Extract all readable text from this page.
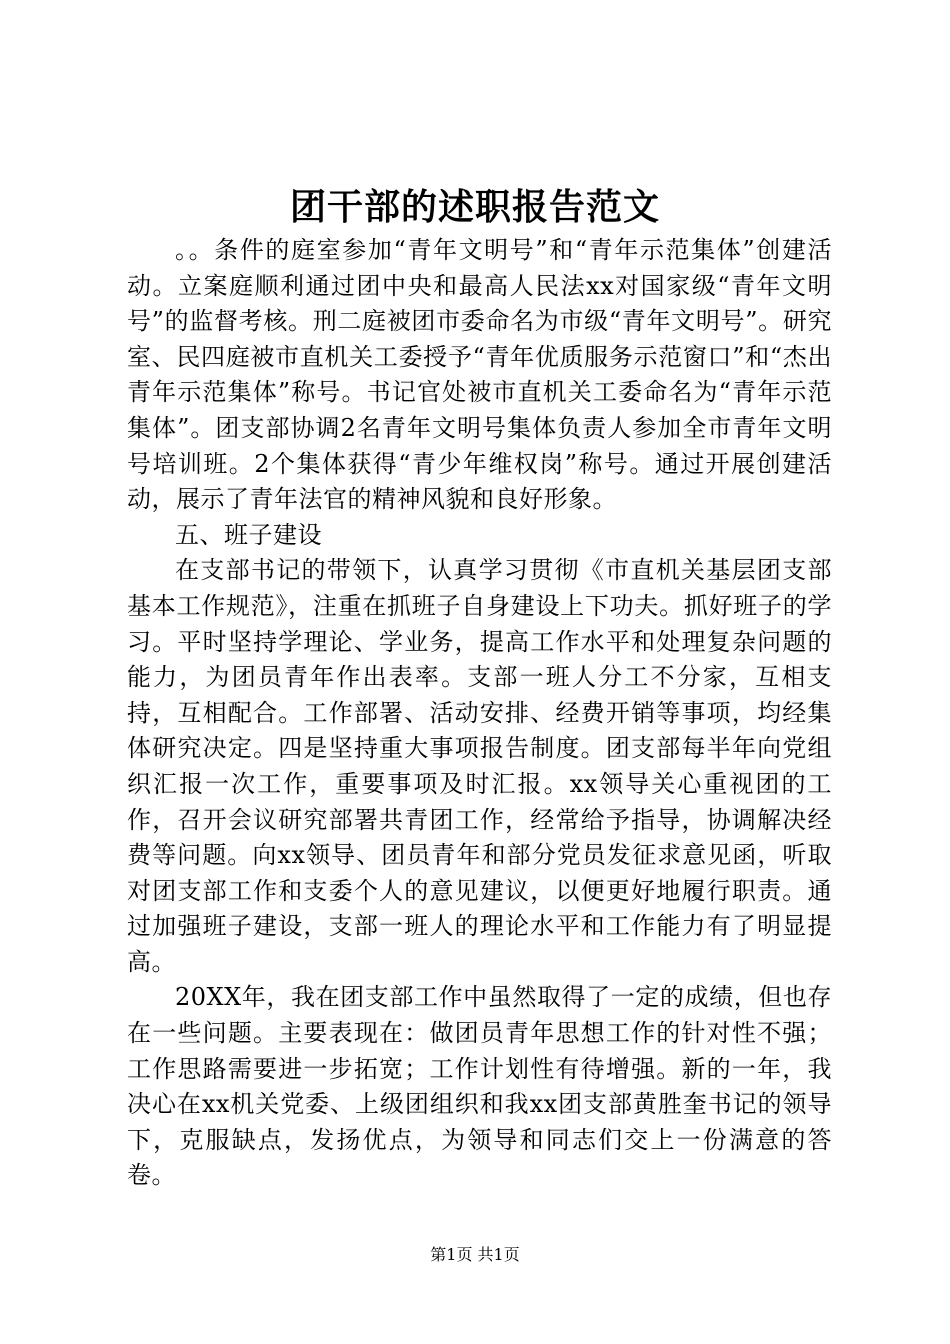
团干部的述职报告范文

。。条件的庭室参加“青年文明号”和“青年示范集体”创建活动。立案庭顺利通过团中央和最高人民法xx对国家级“青年文明号”的监督考核。刑二庭被团市委命名为市级“青年文明号”。研究室、民四庭被市直机关工委授予“青年优质服务示范窗口”和“杰出青年示范集体”称号。书记官处被市直机关工委命名为“青年示范集体”。团支部协调2名青年文明号集体负责人参加全市青年文明号培训班。2个集体获得“青少年维权岗”称号。通过开展创建活动，展示了青年法官的精神风貌和良好形象。

五、班子建设

在支部书记的带领下，认真学习贯彻《市直机关基层团支部基本工作规范》，注重在抓班子自身建设上下功夫。抓好班子的学习。平时坚持学理论、学业务，提高工作水平和处理复杂问题的能力，为团员青年作出表率。支部一班人分工不分家，互相支持，互相配合。工作部署、活动安排、经费开销等事项，均经集体研究决定。四是坚持重大事项报告制度。团支部每半年向党组织汇报一次工作，重要事项及时汇报。xx领导关心重视团的工作，召开会议研究部署共青团工作，经常给予指导，协调解决经费等问题。向xx领导、团员青年和部分党员发征求意见函，听取对团支部工作和支委个人的意见建议，以便更好地履行职责。通过加强班子建设，支部一班人的理论水平和工作能力有了明显提高。

20XX年，我在团支部工作中虽然取得了一定的成绩，但也存在一些问题。主要表现在：做团员青年思想工作的针对性不强；工作思路需要进一步拓宽；工作计划性有待增强。新的一年，我决心在xx机关党委、上级团组织和我xx团支部黄胜奎书记的领导下，克服缺点，发扬优点，为领导和同志们交上一份满意的答卷。

第1页 共1页
